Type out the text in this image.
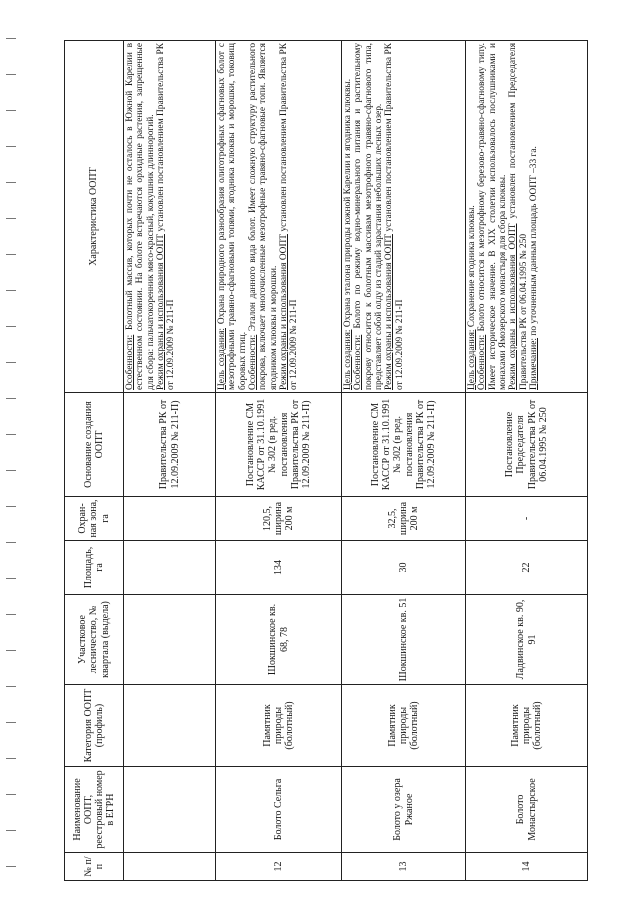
№ п/п	Наименование ООПТ, реестровый номер в ЕГРН	Категория ООПТ (профиль)	Участковое лесничество, № квартала (выдела)	Площадь, га	Охран-ная зона, га	Основание создания ООПТ	Характеристика ООПТ
						Правительства РК от 12.09.2009 № 211-П)	Особенности: Болотный массив, которых почти не осталось в Южной Карелии в естественном состоянии. На болоте встречаются орхидные растения, запрещенные для сбора: пальчатокоренник мясо-красный, кокушник длиннорогий. Режим охраны и использования ООПТ установлен постановлением Правительства РК от 12.09.2009 № 211-П

12	Болото Сельга	Памятник природы (болотный)	Шокшинское кв. 68, 78	134	120,5, ширина 200 м	Постановление СМ КАССР от 31.10.1991 № 302 (в ред. постановления Правительства РК от 12.09.2009 № 211-П)	Цель создания: Охрана природного разнообразия олиготрофных сфагновых болот с мезотрофными травяно-сфагновыми топями, ягодника клюквы и морошки, токовищ боровых птиц. Особенности: Эталон данного вида болот. Имеет сложную структуру растительного покрова, включает многочисленные мезотрофные травяно-сфагновые топи. Является ягодником клюквы и морошки. Режим охраны и использования ООПТ установлен постановлением Правительства РК от 12.09.2009 № 211-П

13	Болото у озера Ржаное	Памятник природы (болотный)	Шокшинское кв. 51	30	32,5, ширина 200 м	Постановление СМ КАССР от 31.10.1991 № 302 (в ред. постановления Правительства РК от 12.09.2009 № 211-П)	Цель создания: Охрана эталона природы южной Карелии и ягодника клюквы.
Особенности: Болото по режиму водно-минерального питания и растительному покрову относится к болотным массивам мезотрофного травяно-сфагнового типа, представляет собой олду из стадий зарастания небольших лесных озер. Режим охраны и использования ООПТ установлен постановлением Правительства РК от 12.09.2009 № 211-П

14	Болото Монастырское	Памятник природы (болотный)	Ладвинское кв. 90, 91	22	-	Постановление Председателя Правительства РК от 06.04.1995 № 250	Цель создания: Сохранение ягодника клюквы.
Особенности: Болото относится к мезотрофному березово-травяно-сфагновому типу. Имеет историческое значение. В XIX столетии использовалось послушниками и монахами Ямозерского монастыря для сбора клюквы. Режим охраны и использования ООПТ установлен постановлением Председателя Правительства РК от 06.04.1995 № 250 Примечание: по уточненным данным площадь ООПТ –33 га.
